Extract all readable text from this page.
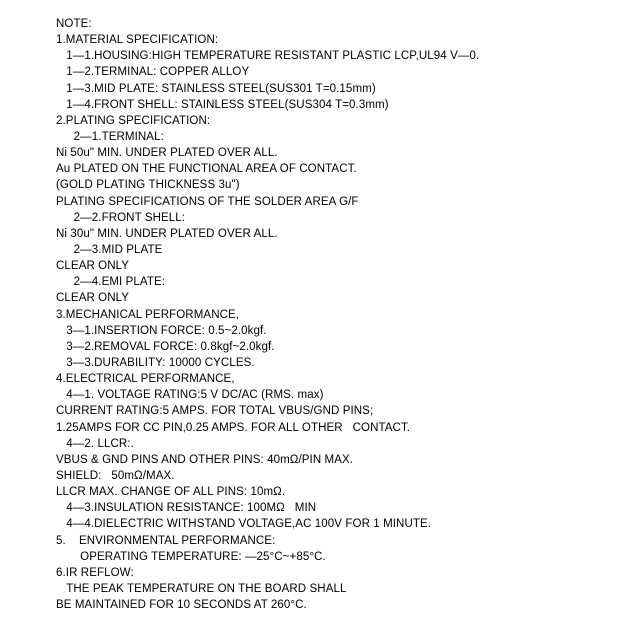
NOTE:
1.MATERIAL SPECIFICATION:
1—1.HOUSING:HIGH TEMPERATURE RESISTANT PLASTIC LCP,UL94 V—0.
1—2.TERMINAL: COPPER ALLOY
1—3.MID PLATE: STAINLESS STEEL(SUS301 T=0.15mm)
1—4.FRONT SHELL: STAINLESS STEEL(SUS304 T=0.3mm)
2.PLATING SPECIFICATION:
2—1.TERMINAL:
Ni 50u" MIN. UNDER PLATED OVER ALL.
Au PLATED ON THE FUNCTIONAL AREA OF CONTACT.
(GOLD PLATING THICKNESS 3u")
PLATING SPECIFICATIONS OF THE SOLDER AREA G/F
2—2.FRONT SHELL:
Ni 30u" MIN. UNDER PLATED OVER ALL.
2—3.MID PLATE
CLEAR ONLY
2—4.EMI PLATE:
CLEAR ONLY
3.MECHANICAL PERFORMANCE,
3—1.INSERTION FORCE: 0.5~2.0kgf.
3—2.REMOVAL FORCE: 0.8kgf~2.0kgf.
3—3.DURABILITY: 10000 CYCLES.
4.ELECTRICAL PERFORMANCE,
4—1. VOLTAGE RATING:5 V DC/AC (RMS. max)
CURRENT RATING:5 AMPS. FOR TOTAL VBUS/GND PINS;
1.25AMPS FOR CC PIN,0.25 AMPS. FOR ALL OTHER   CONTACT.
4—2. LLCR:.
VBUS & GND PINS AND OTHER PINS: 40mΩ/PIN MAX.
SHIELD:   50mΩ/MAX.
LLCR MAX. CHANGE OF ALL PINS: 10mΩ.
4—3.INSULATION RESISTANCE: 100MΩ   MIN
4—4.DIELECTRIC WITHSTAND VOLTAGE,AC 100V FOR 1 MINUTE.
5.    ENVIRONMENTAL PERFORMANCE:
OPERATING TEMPERATURE: —25°C~+85°C.
6.IR REFLOW:
THE PEAK TEMPERATURE ON THE BOARD SHALL
BE MAINTAINED FOR 10 SECONDS AT 260°C.
